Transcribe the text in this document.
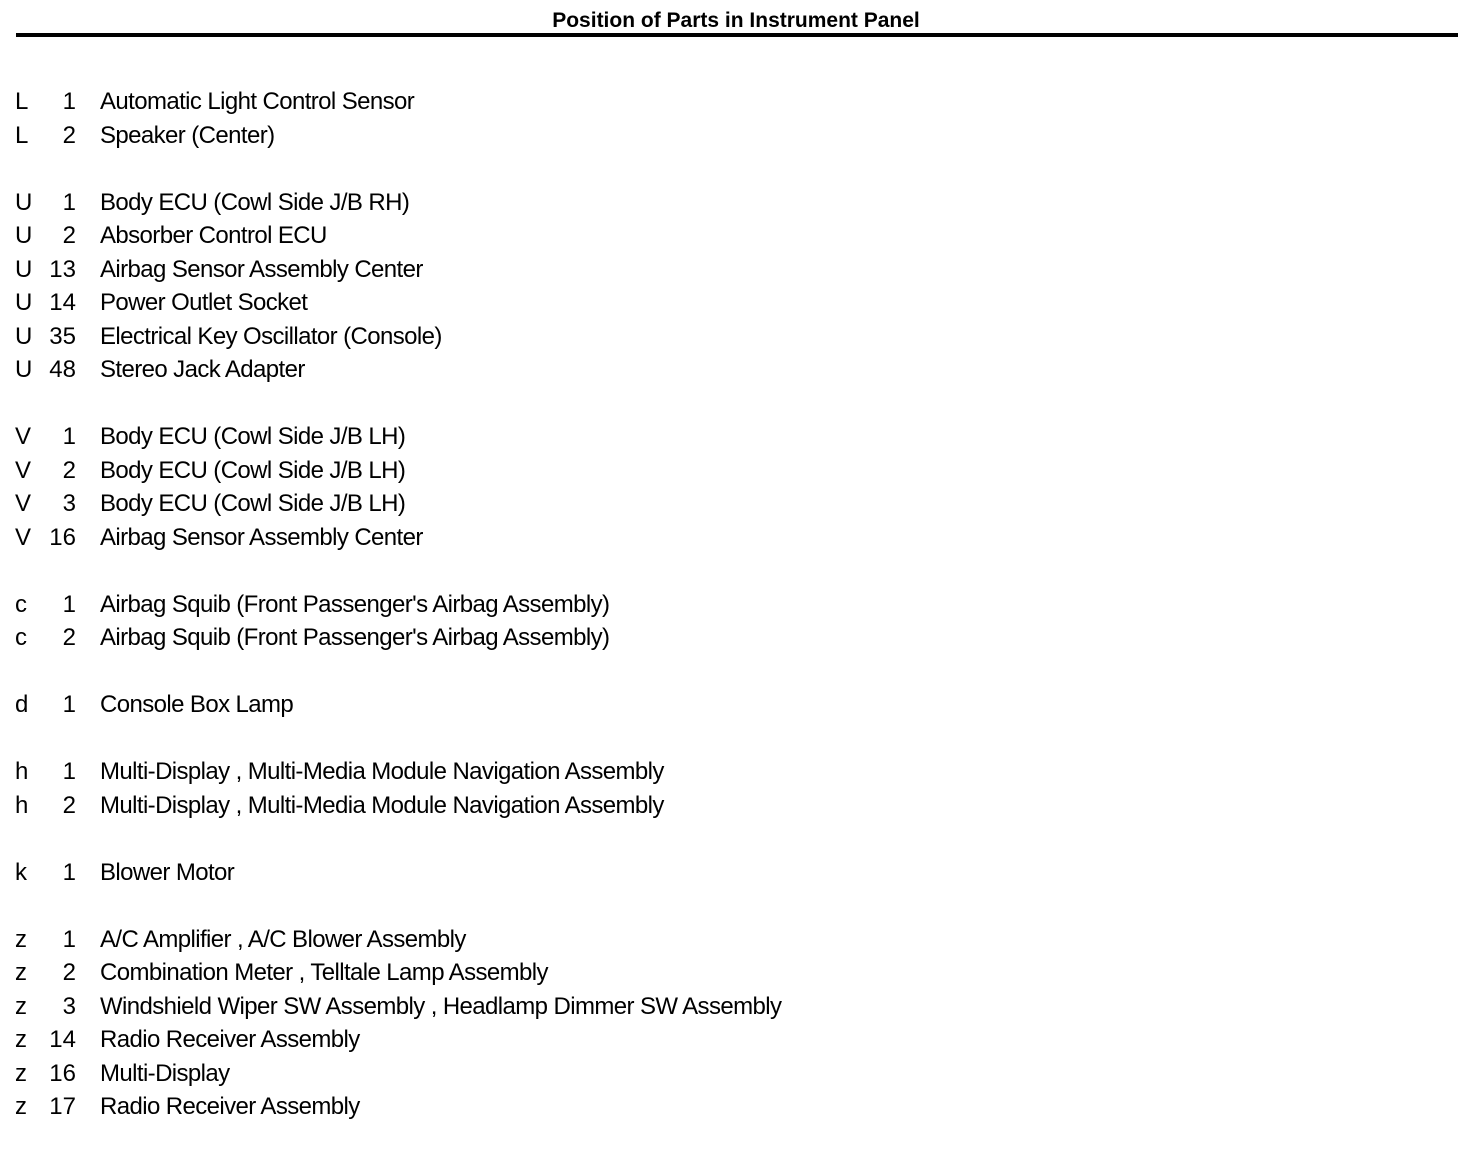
Position of Parts in Instrument Panel
L	1 Automatic Light Control Sensor
L	2 Speaker (Center)
U	1 Body ECU (Cowl Side J/B RH)
U	2 Absorber Control ECU
U 13 Airbag Sensor Assembly Center
U 14 Power Outlet Socket
U 35 Electrical Key Oscillator (Console)
U 48 Stereo Jack Adapter
V	1 Body ECU (Cowl Side J/B LH)
V	2 Body ECU (Cowl Side J/B LH)
V	3 Body ECU (Cowl Side J/B LH)
V 16 Airbag Sensor Assembly Center
c	1 Airbag Squib (Front Passenger's Airbag Assembly)
c	2 Airbag Squib (Front Passenger's Airbag Assembly)
d	1 Console Box Lamp
h	1 Multi-Display , Multi-Media Module Navigation Assembly
h	2 Multi-Display , Multi-Media Module Navigation Assembly
k	1 Blower Motor
z	1 A/C Amplifier , A/C Blower Assembly
z	2 Combination Meter , Telltale Lamp Assembly
z	3 Windshield Wiper SW Assembly , Headlamp Dimmer SW Assembly
z 14 Radio Receiver Assembly
z 16 Multi-Display
z 17 Radio Receiver Assembly
